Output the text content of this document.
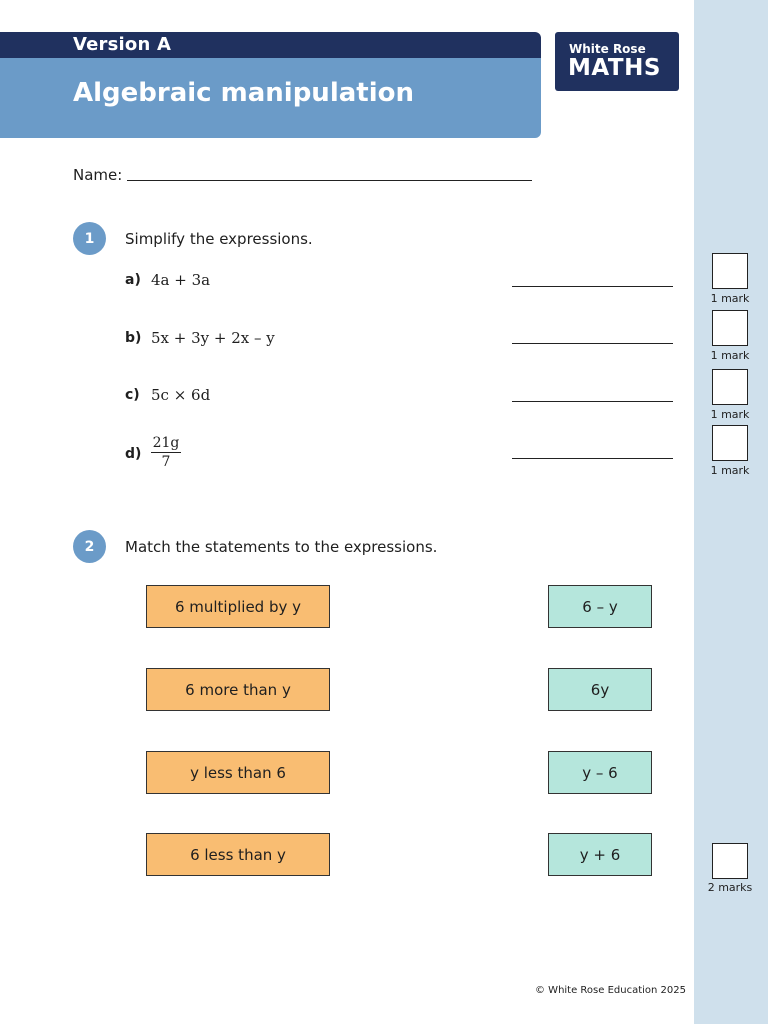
Version A
Algebraic manipulation
White Rose
MATHS
Name:
1	Simplify the expressions.
a) 4a + 3a
b) 5x + 3y + 2x – y
c) 5c × 6d
$d) \frac{21g}{7}$
1 mark
1 mark
1 mark
1 mark
2	Match the statements to the expressions.
6 multiplied by y
6 more than y
y less than 6
6 less than y
6 – y
6y
y – 6
y + 6
2 marks
© White Rose Education 2025
